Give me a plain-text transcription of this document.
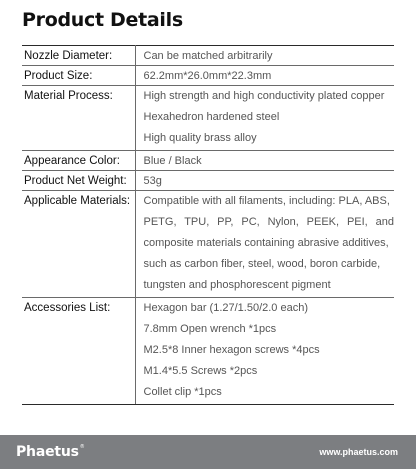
Product Details
Nozzle Diameter:	Can be matched arbitrarily

Product Size:	62.2mm*26.0mm*22.3mm

Material Process:	High strength and high conductivity plated copper
Hexahedron hardened steel
High quality brass alloy

Appearance Color:	Blue / Black

Product Net Weight:	53g

Applicable Materials:	Compatible with all filaments, including: PLA, ABS,
PETG, TPU, PP, PC, Nylon, PEEK, PEI, and
composite materials containing abrasive additives,
such as carbon fiber, steel, wood, boron carbide,
tungsten and phosphorescent pigment

Accessories List:	Hexagon bar (1.27/1.50/2.0 each)
7.8mm Open wrench *1pcs
M2.5*8 Inner hexagon screws *4pcs
M1.4*5.5 Screws *2pcs
Collet clip *1pcs
Phaetus®	www.phaetus.com
